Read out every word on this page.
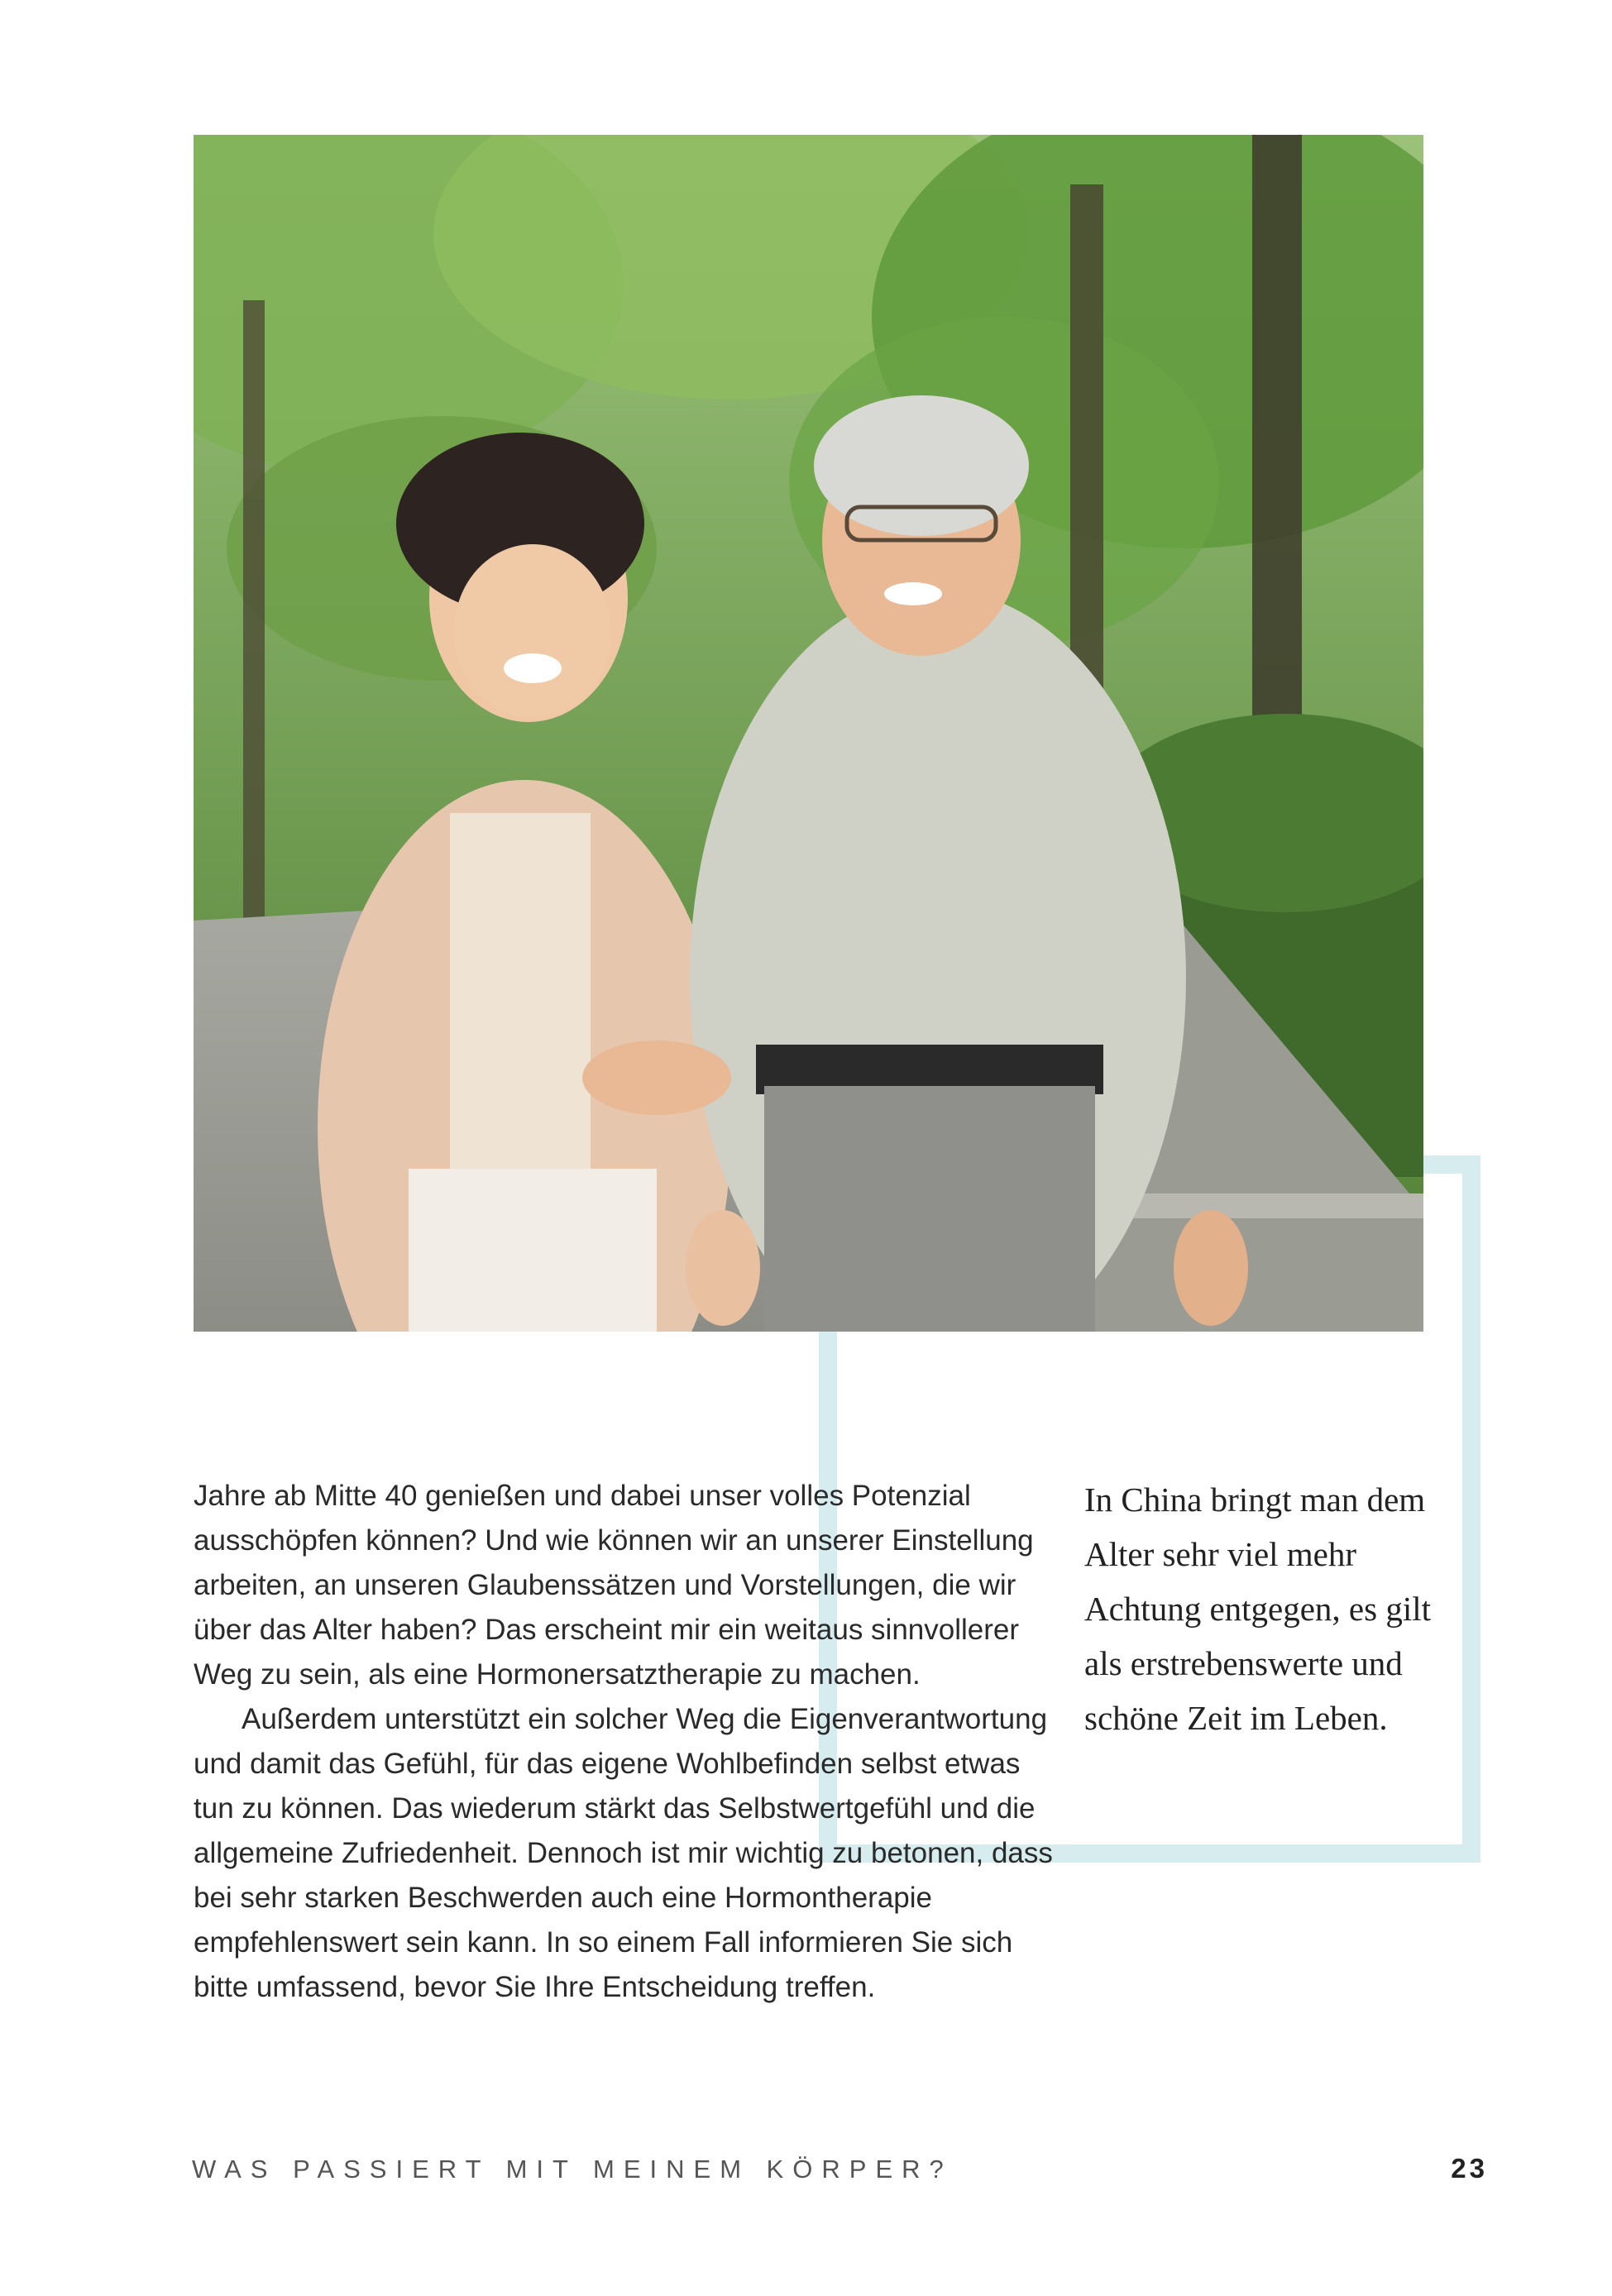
Jahre ab Mitte 40 genießen und dabei unser volles Potenzial ausschöpfen können? Und wie können wir an unserer Einstellung arbeiten, an unseren Glaubenssätzen und Vorstellungen, die wir über das Alter haben? Das erscheint mir ein weitaus sinnvollerer Weg zu sein, als eine Hormonersatztherapie zu machen.

Außerdem unterstützt ein solcher Weg die Eigenverantwortung und damit das Gefühl, für das eigene Wohlbefinden selbst etwas tun zu können. Das wiederum stärkt das Selbstwertgefühl und die allgemeine Zufriedenheit. Dennoch ist mir wichtig zu betonen, dass bei sehr starken Beschwerden auch eine Hormontherapie empfehlenswert sein kann. In so einem Fall informieren Sie sich bitte umfassend, bevor Sie Ihre Entscheidung treffen.

In China bringt man dem Alter sehr viel mehr Achtung entgegen, es gilt als erstrebenswerte und schöne Zeit im Leben.
WAS PASSIERT MIT MEINEM KÖRPER?	23
